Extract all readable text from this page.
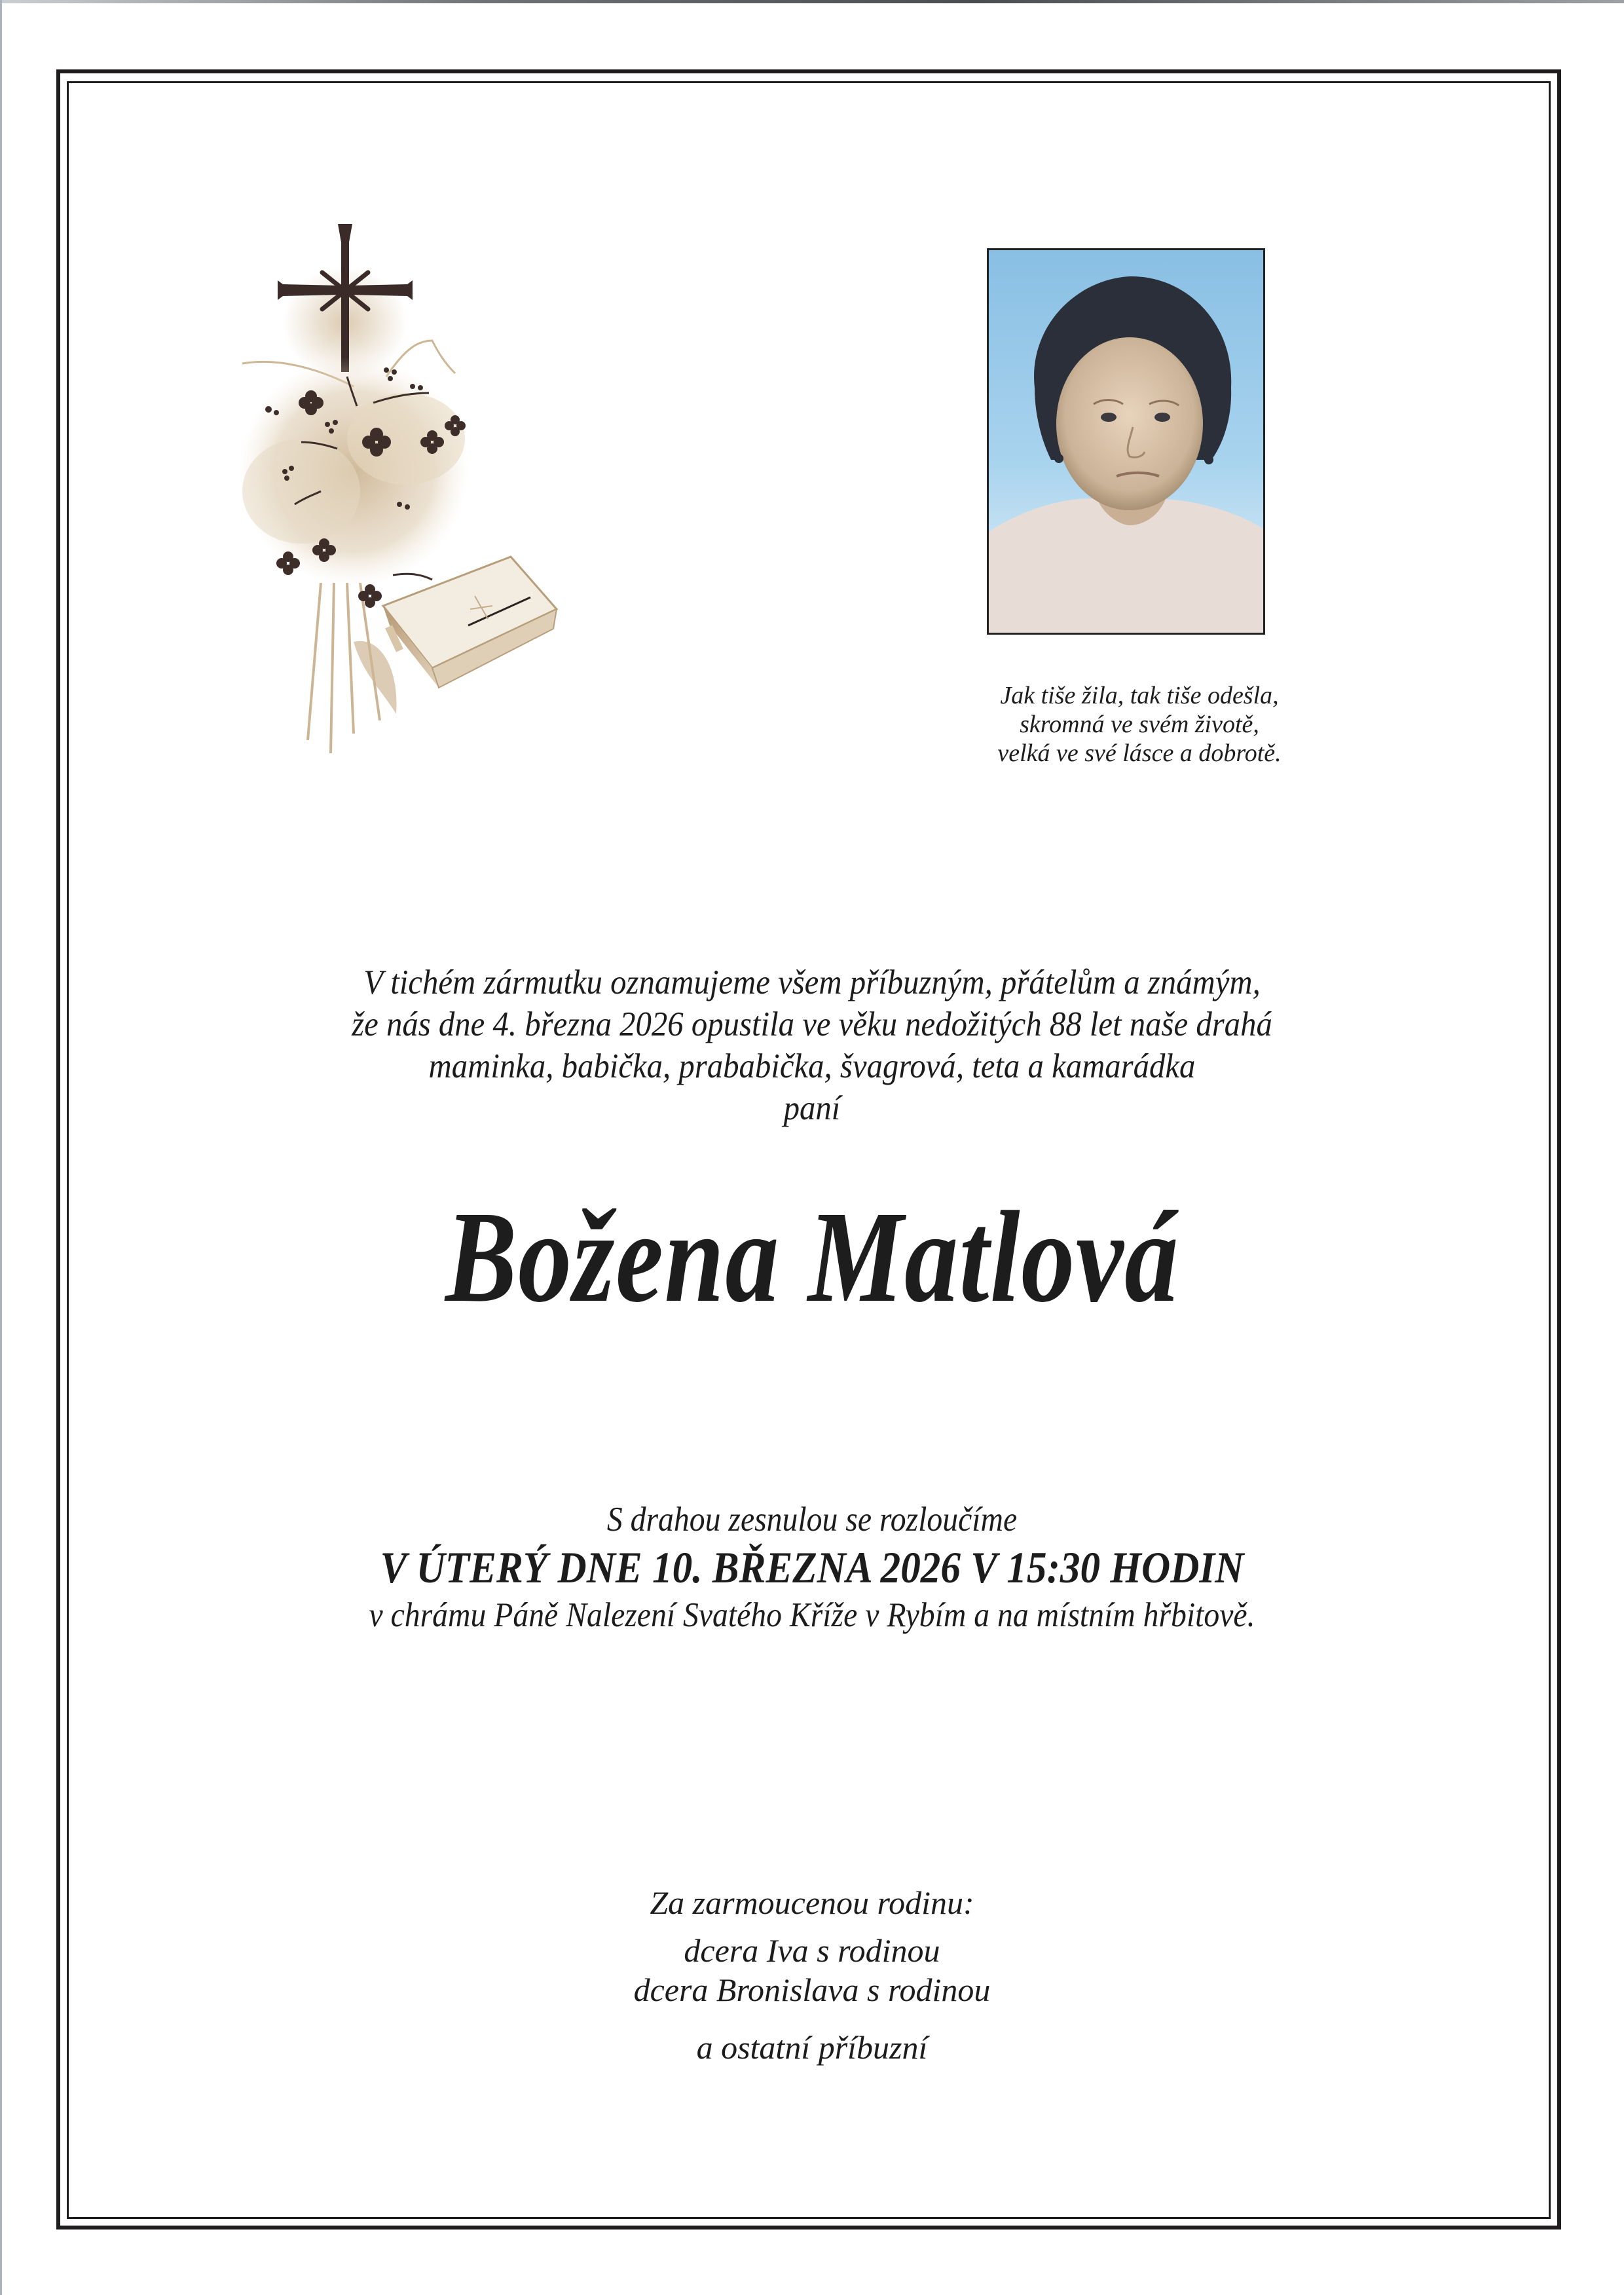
Jak tiše žila, tak tiše odešla,
skromná ve svém životě,
velká ve své lásce a dobrotě.
V tichém zármutku oznamujeme všem příbuzným, přátelům a známým,
že nás dne 4. března 2026 opustila ve věku nedožitých 88 let naše drahá
maminka, babička, prababička, švagrová, teta a kamarádka
paní
Božena Matlová
S drahou zesnulou se rozloučíme
V ÚTERÝ DNE 10. BŘEZNA 2026 V 15:30 HODIN
v chrámu Páně Nalezení Svatého Kříže v Rybím a na místním hřbitově.
Za zarmoucenou rodinu:
dcera Iva s rodinou
dcera Bronislava s rodinou
a ostatní příbuzní
